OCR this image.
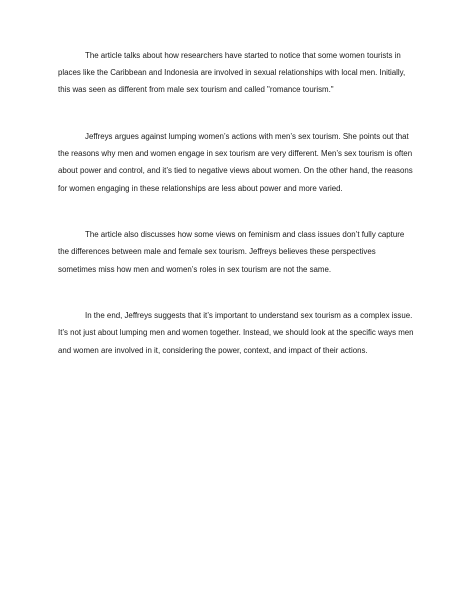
The article talks about how researchers have started to notice that some women tourists in places like the Caribbean and Indonesia are involved in sexual relationships with local men. Initially, this was seen as different from male sex tourism and called "romance tourism."

Jeffreys argues against lumping women’s actions with men’s sex tourism. She points out that the reasons why men and women engage in sex tourism are very different. Men’s sex tourism is often about power and control, and it’s tied to negative views about women. On the other hand, the reasons for women engaging in these relationships are less about power and more varied.

The article also discusses how some views on feminism and class issues don’t fully capture the differences between male and female sex tourism. Jeffreys believes these perspectives sometimes miss how men and women’s roles in sex tourism are not the same.

In the end, Jeffreys suggests that it’s important to understand sex tourism as a complex issue. It’s not just about lumping men and women together. Instead, we should look at the specific ways men and women are involved in it, considering the power, context, and impact of their actions.
